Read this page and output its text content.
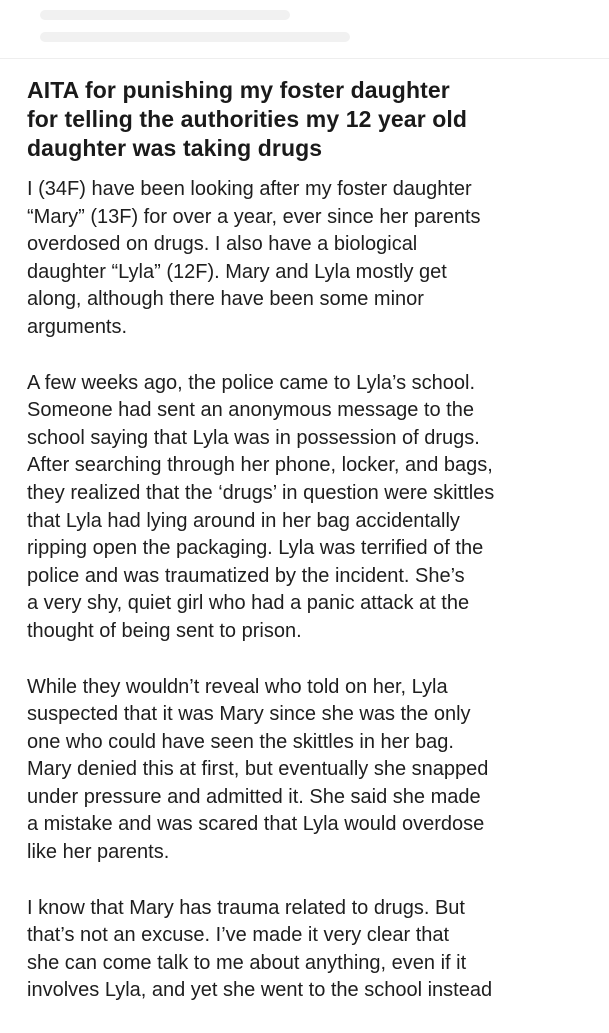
AITA for punishing my foster daughter
for telling the authorities my 12 year old
daughter was taking drugs
I (34F) have been looking after my foster daughter
“Mary” (13F) for over a year, ever since her parents
overdosed on drugs. I also have a biological
daughter “Lyla” (12F). Mary and Lyla mostly get
along, although there have been some minor
arguments.
A few weeks ago, the police came to Lyla’s school.
Someone had sent an anonymous message to the
school saying that Lyla was in possession of drugs.
After searching through her phone, locker, and bags,
they realized that the ‘drugs’ in question were skittles
that Lyla had lying around in her bag accidentally
ripping open the packaging. Lyla was terrified of the
police and was traumatized by the incident. She’s
a very shy, quiet girl who had a panic attack at the
thought of being sent to prison.
While they wouldn’t reveal who told on her, Lyla
suspected that it was Mary since she was the only
one who could have seen the skittles in her bag.
Mary denied this at first, but eventually she snapped
under pressure and admitted it. She said she made
a mistake and was scared that Lyla would overdose
like her parents.
I know that Mary has trauma related to drugs. But
that’s not an excuse. I’ve made it very clear that
she can come talk to me about anything, even if it
involves Lyla, and yet she went to the school instead
